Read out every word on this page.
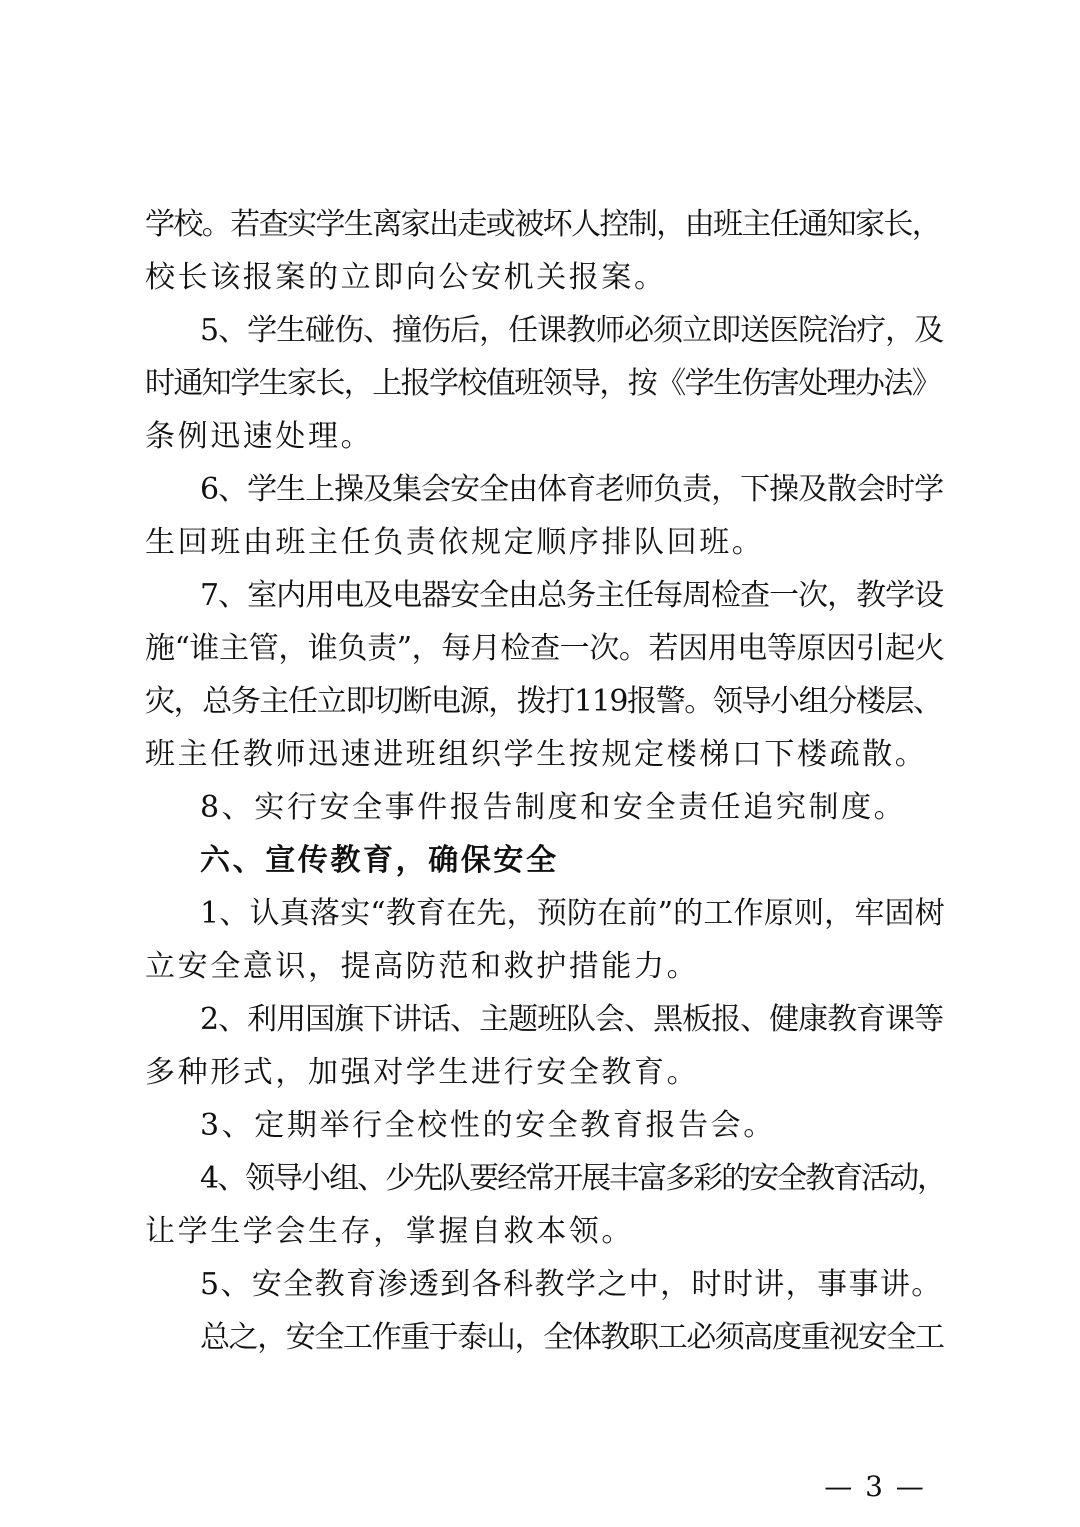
学校。若查实学生离家出走或被坏人控制，由班主任通知家长，
校长该报案的立即向公安机关报案。
5、学生碰伤、撞伤后，任课教师必须立即送医院治疗，及
时通知学生家长，上报学校值班领导，按《学生伤害处理办法》
条例迅速处理。
6、学生上操及集会安全由体育老师负责，下操及散会时学
生回班由班主任负责依规定顺序排队回班。
7、室内用电及电器安全由总务主任每周检查一次，教学设
施“谁主管，谁负责”，每月检查一次。若因用电等原因引起火
灾，总务主任立即切断电源，拨打119报警。领导小组分楼层、
班主任教师迅速进班组织学生按规定楼梯口下楼疏散。
8、实行安全事件报告制度和安全责任追究制度。
六、宣传教育，确保安全
1、认真落实“教育在先，预防在前”的工作原则，牢固树
立安全意识，提高防范和救护措能力。
2、利用国旗下讲话、主题班队会、黑板报、健康教育课等
多种形式，加强对学生进行安全教育。
3、定期举行全校性的安全教育报告会。
4、领导小组、少先队要经常开展丰富多彩的安全教育活动，
让学生学会生存，掌握自救本领。
5、安全教育渗透到各科教学之中，时时讲，事事讲。
总之，安全工作重于泰山，全体教职工必须高度重视安全工
— 3 —
